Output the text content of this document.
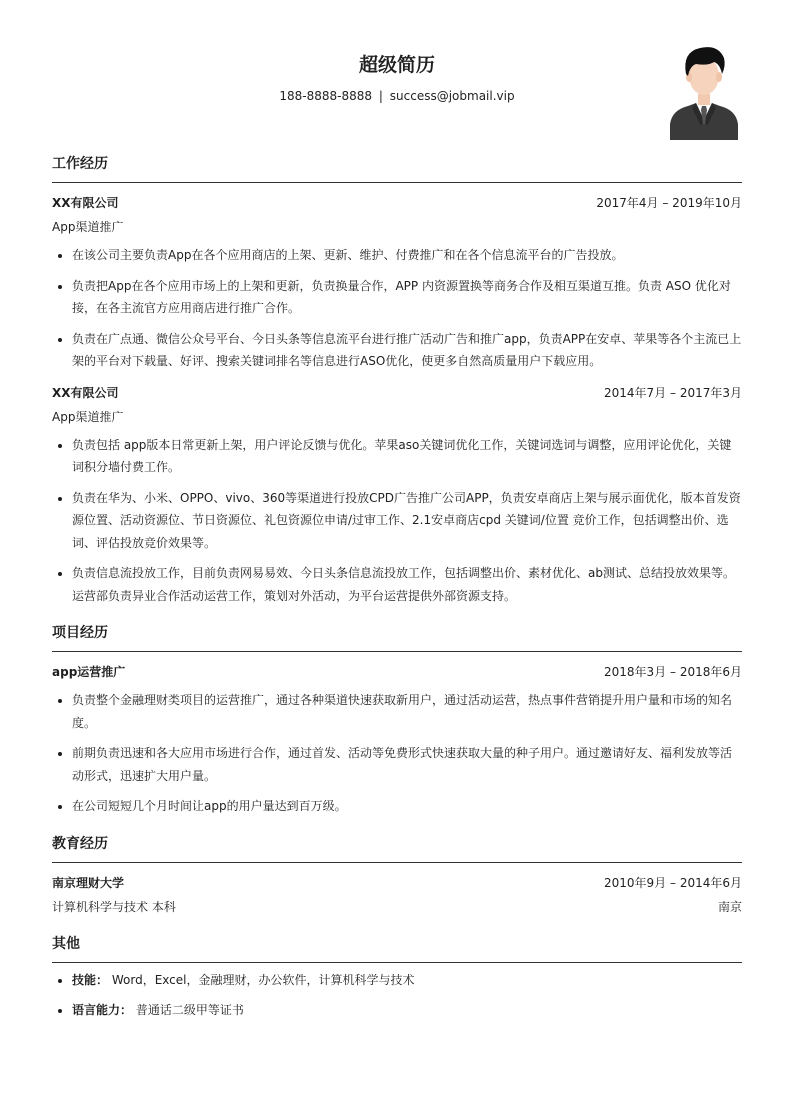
超级简历
188-8888-8888 | success@jobmail.vip
工作经历
XX有限公司	2017年4月 – 2019年10月
App渠道推广
• 在该公司主要负责App在各个应用商店的上架、更新、维护、付费推广和在各个信息流平台的广告投放。
• 负责把App在各个应用市场上的上架和更新，负责换量合作，APP 内资源置换等商务合作及相互渠道互推。负责 ASO 优化对接，在各主流官方应用商店进行推广合作。
• 负责在广点通、微信公众号平台、今日头条等信息流平台进行推广活动广告和推广app，负责APP在安卓、苹果等各个主流已上架的平台对下载量、好评、搜索关键词排名等信息进行ASO优化，使更多自然高质量用户下载应用。
XX有限公司	2014年7月 – 2017年3月
App渠道推广
• 负责包括 app版本日常更新上架，用户评论反馈与优化。苹果aso关键词优化工作，关键词选词与调整，应用评论优化，关键词积分墙付费工作。
• 负责在华为、小米、OPPO、vivo、360等渠道进行投放CPD广告推广公司APP，负责安卓商店上架与展示面优化，版本首发资源位置、活动资源位、节日资源位、礼包资源位申请/过审工作、2.1安卓商店cpd 关键词/位置 竞价工作，包括调整出价、选词、评估投放竞价效果等。
• 负责信息流投放工作，目前负责网易易效、今日头条信息流投放工作，包括调整出价、素材优化、ab测试、总结投放效果等。运营部负责异业合作活动运营工作，策划对外活动，为平台运营提供外部资源支持。
项目经历
app运营推广	2018年3月 – 2018年6月
• 负责整个金融理财类项目的运营推广，通过各种渠道快速获取新用户，通过活动运营，热点事件营销提升用户量和市场的知名度。
• 前期负责迅速和各大应用市场进行合作，通过首发、活动等免费形式快速获取大量的种子用户。通过邀请好友、福利发放等活动形式，迅速扩大用户量。
• 在公司短短几个月时间让app的用户量达到百万级。
教育经历
南京理财大学	2010年9月 – 2014年6月
计算机科学与技术 本科	南京
其他
• 技能： Word，Excel，金融理财，办公软件，计算机科学与技术
• 语言能力： 普通话二级甲等证书
